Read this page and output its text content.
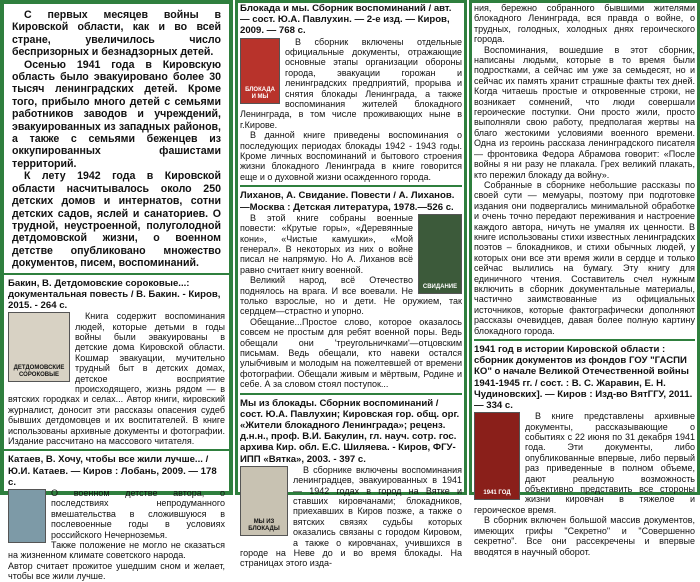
С первых месяцев войны в Кировской области, как и во всей стране, увеличилось число беспризорных и безнадзорных детей.

Осенью 1941 года в Кировскую область было эвакуировано более 30 тысяч ленинградских детей. Кроме того, прибыло много детей с семьями работников заводов и учреждений, эвакуированных из западных районов, а также с семьями беженцев из оккупированных фашистами территорий.

К лету 1942 года в Кировской области насчитывалось около 250 детских домов и интернатов, сотни детских садов, яслей и санаториев. О трудной, неустроенной, полуголодной детдомовской жизни, о военном детстве опубликовано множество документов, писем, воспоминаний.

Бакин, В. Детдомовские сороковые...: документальная повесть / В. Бакин. - Киров, 2015. - 264 с.

ДЕТДОМОВСКИЕ СОРОКОВЫЕ

Книга содержит воспоминания людей, которые детьми в годы войны были эвакуированы в детские дома Кировской области. Кошмар эвакуации, мучительно трудный быт в детских домах, детское восприятие происходящего, жизнь рядом — в вятских городках и селах... Автор книги, кировский журналист, доносит эти рассказы опасения судеб бывших детдомовцев и их воспитателей. В книге использованы архивные документы и фотографии. Издание рассчитано на массового читателя.

Катаев, В. Хочу, чтобы все жили лучше... / Ю.И. Катаев. — Киров : Лобань, 2009. — 178 с.

О военном детстве автора, о последствиях непродуманного вмешательства в сложившуюся в послевоенные годы в условиях российского Нечерноземья.

Также положение не могло не сказаться на жизненном климате советского народа.

Автор считает прожитое ушедшим сном и желает, чтобы все жили лучше.

Блокада и мы. Сборник воспоминаний / авт. — сост. Ю.А. Павлухин. — 2-е изд. — Киров, 2009. — 768 с.

БЛОКАДА И МЫ

В сборник включены отдельные официальные документы, отражающие основные этапы организации обороны города, эвакуации горожан и ленинградских предприятий, прорыва и снятия блокады Ленинграда, а также воспоминания жителей блокадного Ленинграда, в том числе проживающих ныне в г.Кирове.

В данной книге приведены воспоминания о последующих периодах блокады 1942 - 1943 годы. Кроме личных воспоминаний и бытового строения жизни блокадного Ленинграда в книге говорится еще и о духовной жизни осажденного города.

Лиханов, А. Свидание. Повести / А. Лиханов. —Москва : Детская литература, 1978.—526 с.

СВИДАНИЕ

В этой книге собраны военные повести: «Крутые горы», «Деревянные кони», «Чистые камушки», «Мой генерал». В некоторых из них о войне писал не напрямую. Но А. Лиханов всё равно считает книгу военной.

Великий народ, всё Отечество поднялось на врага. И все воевали. Не только взрослые, но и дети. Не оружием, так сердцем—страстно и упорно.

Обещание...Простое слово, которое оказалось совсем не простым для ребят военной поры. Ведь обещали они 'треугольничками'—отцовским письмам. Ведь обещали, кто навеки остался улыбчивым и молодым на пожелтевшей от времени фотографии. Обещали живым и мёртвым, Родине и себе. А за словом стоял поступок...

Мы из блокады. Сборник воспоминаний / сост. Ю.А. Павлухин; Кировская гор. общ. орг. «Жители блокадного Ленинграда»; реценз. д.н.н., проф. В.И. Бакулин, гл. науч. сотр. гос. архива Кир. обл. Е.С. Шиляева. - Киров, ФГУ-ИПП «Вятка», 2003. - 397 с.

МЫ ИЗ БЛОКАДЫ

В сборнике включены воспоминания ленинградцев, эвакуированных в 1941 — 1942 годах в город на Вятке и ставших кировчанами; блокадников, приехавших в Киров позже, а также о вятских связях судьбы которых оказались связаны с городом Кировом, а также о кировчанах, учившихся в городе на Неве до и во время блокады. На страницах этого изда-

ния, бережно собранного бывшими жителями блокадного Ленинграда, вся правда о войне, о трудных, голодных, холодных днях героического города.

Воспоминания, вошедшие в этот сборник, написаны людьми, которые в то время были подростками, а сейчас им уже за семьдесят, но и сейчас их память хранит страшные факты тех дней. Когда читаешь простые и откровенные строки, не возникает сомнений, что люди совершали героические поступки. Они просто жили, просто выполняли свою работу, предполагая жертвы на благо жестокими условиями военного времени. Одна из героинь рассказа ленинградского писателя — фронтовика Федора Абрамова говорит: «После войны я ни разу не плакала. Грех великий плакать, кто пережил блокаду да войну».

Собранные в сборнике небольшие рассказы по своей сути — мемуары, поэтому при подготовке издания они подвергались минимальной обработке и очень точно передают переживания и настроение каждого автора, ничуть не умаляя их ценности. В книге использованы стихи известных ленинградских поэтов – блокадников, и стихи обычных людей, у которых они все эти время жили в сердце и только сейчас вылились на бумагу. Эту книгу для единичного чтения. Составитель счел нужным включить в сборник документальные материалы, частично заимствованные из официальных источников, которые фактографически дополняют рассказы очевидцев, давая более полную картину блокадного города.

1941 год в истории Кировской области : сборник документов из фондов ГОУ "ГАСПИ КО" о начале Великой Отечественной войны 1941-1945 гг. / сост. : В. С. Жаравин, Е. Н. Чудиновских]. — Киров : Изд-во ВятГГУ, 2011. — 334 с.

1941 ГОД

В книге представлены архивные документы, рассказывающие о событиях с 22 июня по 31 декабря 1941 года. Эти документы, либо опубликованные впервые, либо первый раз приведенные в полном объеме, дают реальную возможность объективно представить все стороны жизни кировчан в тяжелое и героическое время.

В сборник включен большой массив документов, имеющих грифы "Секретно" и "Совершенно секретно". Все они рассекречены и впервые вводятся в научный оборот.
